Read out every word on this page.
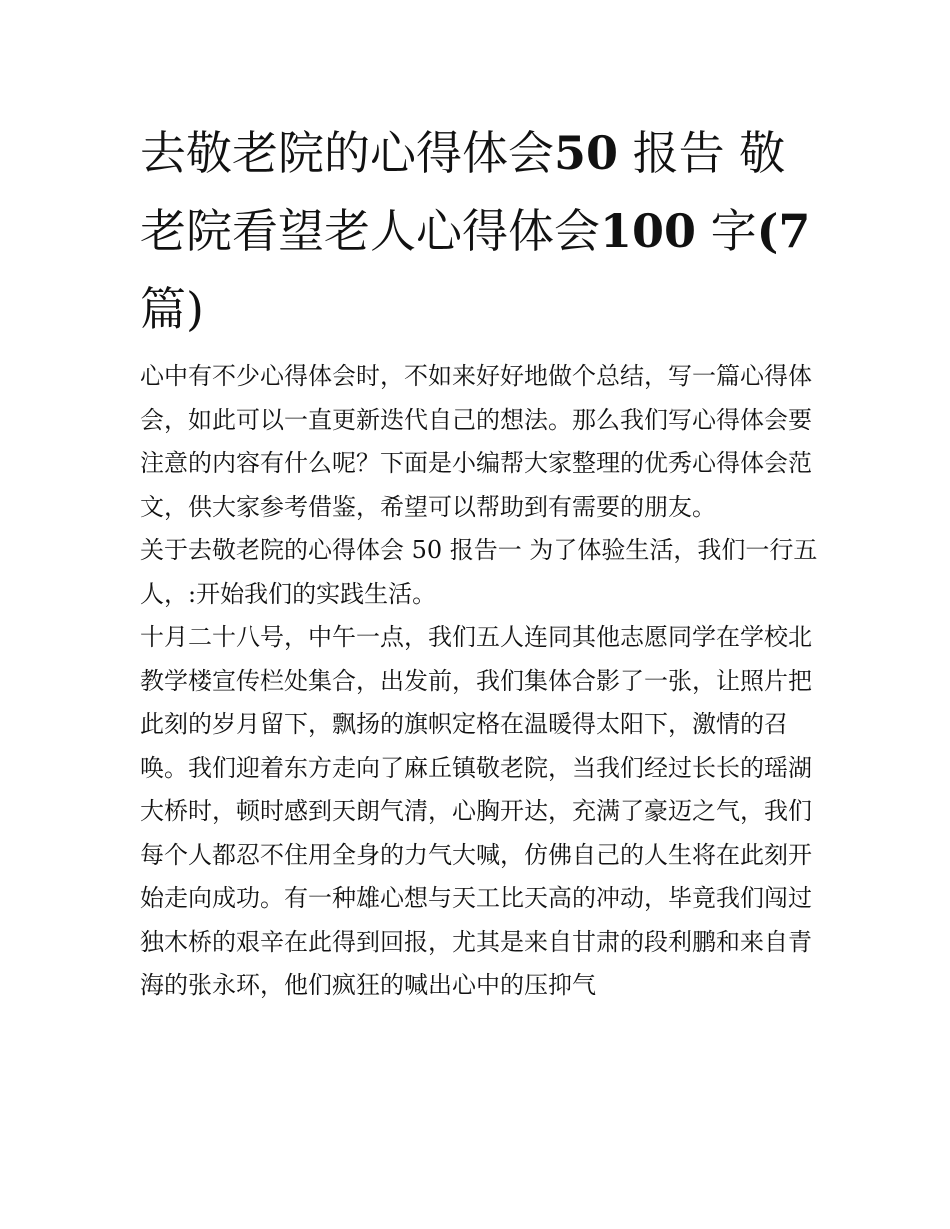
去敬老院的心得体会50 报告 敬老院看望老人心得体会100 字(7 篇)

心中有不少心得体会时，不如来好好地做个总结，写一篇心得体会，如此可以一直更新迭代自己的想法。那么我们写心得体会要注意的内容有什么呢？下面是小编帮大家整理的优秀心得体会范文，供大家参考借鉴，希望可以帮助到有需要的朋友。

关于去敬老院的心得体会 50 报告一 为了体验生活，我们一行五人，:开始我们的实践生活。

十月二十八号，中午一点，我们五人连同其他志愿同学在学校北教学楼宣传栏处集合，出发前，我们集体合影了一张，让照片把此刻的岁月留下，飘扬的旗帜定格在温暖得太阳下，激情的召唤。我们迎着东方走向了麻丘镇敬老院，当我们经过长长的瑶湖大桥时，顿时感到天朗气清，心胸开达，充满了豪迈之气，我们每个人都忍不住用全身的力气大喊，仿佛自己的人生将在此刻开始走向成功。有一种雄心想与天工比天高的冲动，毕竟我们闯过独木桥的艰辛在此得到回报，尤其是来自甘肃的段利鹏和来自青海的张永环，他们疯狂的喊出心中的压抑气
